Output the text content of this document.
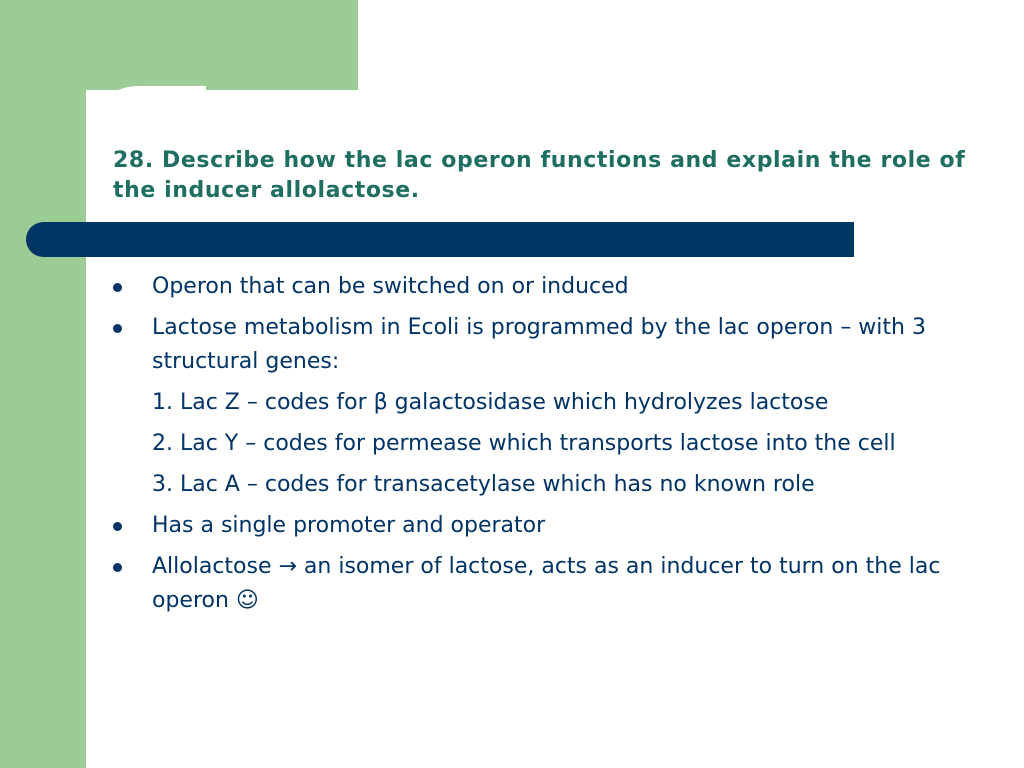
28. Describe how the lac operon functions and explain the role of the inducer allolactose.
Operon that can be switched on or induced
Lactose metabolism in Ecoli is programmed by the lac operon – with 3 structural genes:
1. Lac Z – codes for β galactosidase which hydrolyzes lactose
2. Lac Y – codes for permease which transports lactose into the cell
3. Lac A – codes for transacetylase which has no known role
Has a single promoter and operator
Allolactose → an isomer of lactose, acts as an inducer to turn on the lac operon ☺
